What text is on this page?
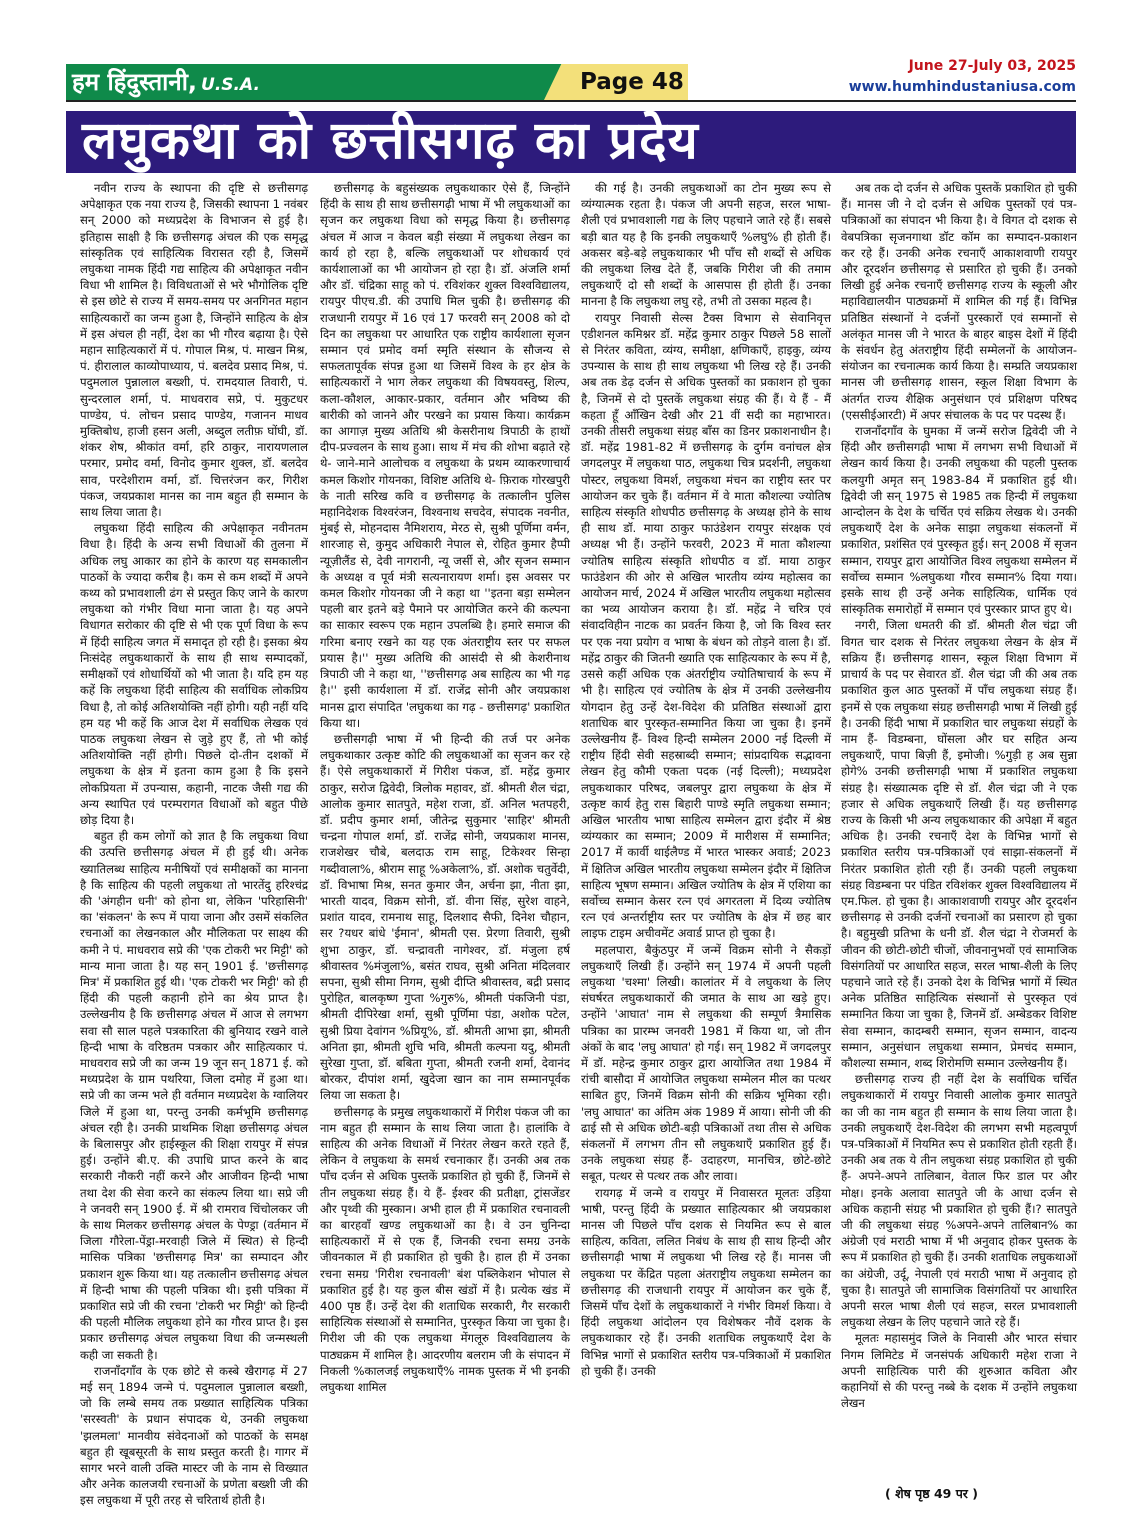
हम हिंदुस्तानी, U.S.A.	Page 48
June 27-July 03, 2025
www.humhindustaniusa.com
लघुकथा को छत्तीसगढ़ का प्रदेय

नवीन राज्य के स्थापना की दृष्टि से छत्तीसगढ़ अपेक्षाकृत एक नया राज्य है, जिसकी स्थापना 1 नवंबर सन् 2000 को मध्यप्रदेश के विभाजन से हुई है। इतिहास साक्षी है कि छत्तीसगढ़ अंचल की एक समृद्ध सांस्कृतिक एवं साहित्यिक विरासत रही है, जिसमें लघुकथा नामक हिंदी गद्य साहित्य की अपेक्षाकृत नवीन विधा भी शामिल है। विविधताओं से भरे भौगोलिक दृष्टि से इस छोटे से राज्य में समय-समय पर अनगिनत महान साहित्यकारों का जन्म हुआ है, जिन्होंने साहित्य के क्षेत्र में इस अंचल ही नहीं, देश का भी गौरव बढ़ाया है। ऐसे महान साहित्यकारों में पं. गोपाल मिश्र, पं. माखन मिश्र, पं. हीरालाल काव्योपाध्याय, पं. बलदेव प्रसाद मिश्र, पं. पदुमलाल पुन्नालाल बख्शी, पं. रामदयाल तिवारी, पं. सुन्दरलाल शर्मा, पं. माधवराव सप्रे, पं. मुकुटधर पाण्डेय, पं. लोचन प्रसाद पाण्डेय, गजानन माधव मुक्तिबोध, हाजी हसन अली, अब्दुल लतीफ़ घोंघी, डॉ. शंकर शेष, श्रीकांत वर्मा, हरि ठाकुर, नारायणलाल परमार, प्रमोद वर्मा, विनोद कुमार शुक्ल, डॉ. बलदेव साव, परदेशीराम वर्मा, डॉ. चित्तरंजन कर, गिरीश पंकज, जयप्रकाश मानस का नाम बहुत ही सम्मान के साथ लिया जाता है।

लघुकथा हिंदी साहित्य की अपेक्षाकृत नवीनतम विधा है। हिंदी के अन्य सभी विधाओं की तुलना में अधिक लघु आकार का होने के कारण यह समकालीन पाठकों के ज्यादा करीब है। कम से कम शब्दों में अपने कथ्य को प्रभावशाली ढंग से प्रस्तुत किए जाने के कारण लघुकथा को गंभीर विधा माना जाता है। यह अपने विधागत सरोकार की दृष्टि से भी एक पूर्ण विधा के रूप में हिंदी साहित्य जगत में समादृत हो रही है। इसका श्रेय निःसंदेह लघुकथाकारों के साथ ही साथ सम्पादकों, समीक्षकों एवं शोधार्थियों को भी जाता है। यदि हम यह कहें कि लघुकथा हिंदी साहित्य की सर्वाधिक लोकप्रिय विधा है, तो कोई अतिशयोक्ति नहीं होगी। यही नहीं यदि हम यह भी कहें कि आज देश में सर्वाधिक लेखक एवं पाठक लघुकथा लेखन से जुड़े हुए हैं, तो भी कोई अतिशयोक्ति नहीं होगी। पिछले दो-तीन दशकों में लघुकथा के क्षेत्र में इतना काम हुआ है कि इसने लोकप्रियता में उपन्यास, कहानी, नाटक जैसी गद्य की अन्य स्थापित एवं परम्परागत विधाओं को बहुत पीछे छोड़ दिया है।

बहुत ही कम लोगों को ज्ञात है कि लघुकथा विधा की उत्पत्ति छत्तीसगढ़ अंचल में ही हुई थी। अनेक ख्यातिलब्ध साहित्य मनीषियों एवं समीक्षकों का मानना है कि साहित्य की पहली लघुकथा तो भारतेंदु हरिश्चंद्र की 'अंगहीन धनी' को होना था, लेकिन 'परिहासिनी' का 'संकलन' के रूप में पाया जाना और उसमें संकलित रचनाओं का लेखनकाल और मौलिकता पर साक्ष्य की कमी ने पं. माधवराव सप्रे की 'एक टोकरी भर मिट्टी' को मान्य माना जाता है। यह सन् 1901 ई. 'छत्तीसगढ़ मित्र' में प्रकाशित हुई थी। 'एक टोकरी भर मिट्टी' को ही हिंदी की पहली कहानी होने का श्रेय प्राप्त है। उल्लेखनीय है कि छत्तीसगढ़ अंचल में आज से लगभग सवा सौ साल पहले पत्रकारिता की बुनियाद रखने वाले हिन्दी भाषा के वरिष्ठतम पत्रकार और साहित्यकार पं. माधवराव सप्रे जी का जन्म 19 जून सन् 1871 ई. को मध्यप्रदेश के ग्राम पथरिया, जिला दमोह में हुआ था। सप्रे जी का जन्म भले ही वर्तमान मध्यप्रदेश के ग्वालियर जिले में हुआ था, परन्तु उनकी कर्मभूमि छत्तीसगढ़ अंचल रही है। उनकी प्राथमिक शिक्षा छत्तीसगढ़ अंचल के बिलासपुर और हाईस्कूल की शिक्षा रायपुर में संपन्न हुई। उन्होंने बी.ए. की उपाधि प्राप्त करने के बाद सरकारी नौकरी नहीं करने और आजीवन हिन्दी भाषा तथा देश की सेवा करने का संकल्प लिया था। सप्रे जी ने जनवरी सन् 1900 ई. में श्री रामराव चिंचोलकर जी के साथ मिलकर छत्तीसगढ़ अंचल के पेण्ड्रा (वर्तमान में जिला गौरेला-पेंड्रा-मरवाही जिले में स्थित) से हिन्दी मासिक पत्रिका 'छत्तीसगढ़ मित्र' का सम्पादन और प्रकाशन शुरू किया था। यह तत्कालीन छत्तीसगढ़ अंचल में हिन्दी भाषा की पहली पत्रिका थी। इसी पत्रिका में प्रकाशित सप्रे जी की रचना 'टोकरी भर मिट्टी' को हिन्दी की पहली मौलिक लघुकथा होने का गौरव प्राप्त है। इस प्रकार छत्तीसगढ़ अंचल लघुकथा विधा की जन्मस्थली कही जा सकती है।

राजनाँदगाँव के एक छोटे से कस्बे खैरागढ़ में 27 मई सन् 1894 जन्मे पं. पदुमलाल पुन्नालाल बख्शी, जो कि लम्बे समय तक प्रख्यात साहित्यिक पत्रिका 'सरस्वती' के प्रधान संपादक थे, उनकी लघुकथा 'झलमला' मानवीय संवेदनाओं को पाठकों के समक्ष बहुत ही खूबसूरती के साथ प्रस्तुत करती है। गागर में सागर भरने वाली उक्ति मास्टर जी के नाम से विख्यात और अनेक कालजयी रचनाओं के प्रणेता बख्शी जी की इस लघुकथा में पूरी तरह से चरितार्थ होती है।

छत्तीसगढ़ के बहुसंख्यक लघुकथाकार ऐसे हैं, जिन्होंने हिंदी के साथ ही साथ छत्तीसगढ़ी भाषा में भी लघुकथाओं का सृजन कर लघुकथा विधा को समृद्ध किया है। छत्तीसगढ़ अंचल में आज न केवल बड़ी संख्या में लघुकथा लेखन का कार्य हो रहा है, बल्कि लघुकथाओं पर शोधकार्य एवं कार्यशालाओं का भी आयोजन हो रहा है। डॉ. अंजलि शर्मा और डॉ. चंद्रिका साहू को पं. रविशंकर शुक्ल विश्वविद्यालय, रायपुर पीएच.डी. की उपाधि मिल चुकी है। छत्तीसगढ़ की राजधानी रायपुर में 16 एवं 17 फरवरी सन् 2008 को दो दिन का लघुकथा पर आधारित एक राष्ट्रीय कार्यशाला सृजन सम्मान एवं प्रमोद वर्मा स्मृति संस्थान के सौजन्य से सफलतापूर्वक संपन्न हुआ था जिसमें विश्व के हर क्षेत्र के साहित्यकारों ने भाग लेकर लघुकथा की विषयवस्तु, शिल्प, कला-कौशल, आकार-प्रकार, वर्तमान और भविष्य की बारीकी को जानने और परखने का प्रयास किया। कार्यक्रम का आगाज़ मुख्य अतिथि श्री केसरीनाथ त्रिपाठी के हाथों दीप-प्रज्वलन के साथ हुआ। साथ में मंच की शोभा बढ़ाते रहे थे- जाने-माने आलोचक व लघुकथा के प्रथम व्याकरणाचार्य कमल किशोर गोयनका, विशिष्ट अतिथि थे- फ़िराक गोरखपुरी के नाती सरिख कवि व छत्तीसगढ़ के तत्कालीन पुलिस महानिदेशक विश्वरंजन, विश्वनाथ सचदेव, संपादक नवनीत, मुंबई से, मोहनदास नैमिशराय, मेरठ से, सुश्री पूर्णिमा वर्मन, शारजाह से, कुमुद अधिकारी नेपाल से, रोहित कुमार हैप्पी न्यूज़ीलैंड से, देवी नागरानी, न्यू जर्सी से, और सृजन सम्मान के अध्यक्ष व पूर्व मंत्री सत्यनारायण शर्मा। इस अवसर पर कमल किशोर गोयनका जी ने कहा था ''इतना बड़ा सम्मेलन पहली बार इतने बड़े पैमाने पर आयोजित करने की कल्पना का साकार स्वरूप एक महान उपलब्धि है। हमारे समाज की गरिमा बनाए रखने का यह एक अंतराष्ट्रीय स्तर पर सफल प्रयास है।'' मुख्य अतिथि की आसंदी से श्री केशरीनाथ त्रिपाठी जी ने कहा था, ''छत्तीसगढ़ अब साहित्य का भी गढ़ है।'' इसी कार्यशाला में डॉ. राजेंद्र सोनी और जयप्रकाश मानस द्वारा संपादित 'लघुकथा का गढ़ - छत्तीसगढ़' प्रकाशित किया था।

छत्तीसगढ़ी भाषा में भी हिन्दी की तर्ज पर अनेक लघुकथाकार उत्कृष्ट कोटि की लघुकथाओं का सृजन कर रहे हैं। ऐसे लघुकथाकारों में गिरीश पंकज, डॉ. महेंद्र कुमार ठाकुर, सरोज द्विवेदी, त्रिलोक महावर, डॉ. श्रीमती शैल चंद्रा, आलोक कुमार सातपुते, महेश राजा, डॉ. अनिल भतपहरी, डॉ. प्रदीप कुमार शर्मा, जीतेन्द्र सुकुमार 'साहिर' श्रीमती चन्द्रना गोपाल शर्मा, डॉ. राजेंद्र सोनी, जयप्रकाश मानस, राजशेखर चौबे, बलदाऊ राम साहू, टिकेश्वर सिन्हा गब्दीवाला%, श्रीराम साहू %अकेला%, डॉ. अशोक चतुर्वेदी, डॉ. विभाषा मिश्र, सनत कुमार जैन, अर्चना झा, नीता झा, भारती यादव, विक्रम सोनी, डॉ. वीना सिंह, सुरेश वाहने, प्रशांत यादव, रामनाथ साहू, दिलशाद सैफी, दिनेश चौहान, सर ?यधर बांधे 'ईमान', श्रीमती एस. प्रेरणा तिवारी, सुश्री शुभा ठाकुर, डॉ. चन्द्रावती नागेश्वर, डॉ. मंजुला हर्ष श्रीवास्तव %मंजुला%, बसंत राघव, सुश्री अनिता मंदिलवार सपना, सुश्री सीमा निगम, सुश्री दीप्ति श्रीवास्तव, बद्री प्रसाद पुरोहित, बालकृष्ण गुप्ता %गुरु%, श्रीमती पंकजिनी पंडा, श्रीमती दीपिरेखा शर्मा, सुश्री पूर्णिमा पंडा, अशोक पटेल, सुश्री प्रिया देवांगन %प्रियू%, डॉ. श्रीमती आभा झा, श्रीमती अनिता झा, श्रीमती शुचि भवि, श्रीमती कल्पना यदु, श्रीमती सुरेखा गुप्ता, डॉ. बबिता गुप्ता, श्रीमती रजनी शर्मा, देवानंद बोरकर, दीपांश शर्मा, खुदेजा खान का नाम सम्मानपूर्वक लिया जा सकता है।

छत्तीसगढ़ के प्रमुख लघुकथाकारों में गिरीश पंकज जी का नाम बहुत ही सम्मान के साथ लिया जाता है। हालांकि वे साहित्य की अनेक विधाओं में निरंतर लेखन करते रहते हैं, लेकिन वे लघुकथा के समर्थ रचनाकार हैं। उनकी अब तक पाँच दर्जन से अधिक पुस्तकें प्रकाशित हो चुकी हैं, जिनमें से तीन लघुकथा संग्रह हैं। ये हैं- ईश्वर की प्रतीक्षा, ट्रांसजेंडर और पृथ्वी की मुस्कान। अभी हाल ही में प्रकाशित रचनावली का बारहवाँ खण्ड लघुकथाओं का है। वे उन चुनिन्दा साहित्यकारों में से एक हैं, जिनकी रचना समग्र उनके जीवनकाल में ही प्रकाशित हो चुकी है। हाल ही में उनका रचना समग्र 'गिरीश रचनावली' बंश पब्लिकेशन भोपाल से प्रकाशित हुई है। यह कुल बीस खंडों में है। प्रत्येक खंड में 400 पृष्ठ हैं। उन्हें देश की शताधिक सरकारी, गैर सरकारी साहित्यिक संस्थाओं से सम्मानित, पुरस्कृत किया जा चुका है। गिरीश जी की एक लघुकथा मेंगलूरु विश्वविद्यालय के पाठ्यक्रम में शामिल है। आदरणीय बलराम जी के संपादन में निकली %कालजई लघुकथाएँ% नामक पुस्तक में भी इनकी लघुकथा शामिल

की गई है। उनकी लघुकथाओं का टोन मुख्य रूप से व्यंग्यात्मक रहता है। पंकज जी अपनी सहज, सरल भाषा-शैली एवं प्रभावशाली गद्य के लिए पहचाने जाते रहे हैं। सबसे बड़ी बात यह है कि इनकी लघुकथाएँ %लघु% ही होती हैं। अकसर बड़े-बड़े लघुकथाकार भी पाँच सौ शब्दों से अधिक की लघुकथा लिख देते हैं, जबकि गिरीश जी की तमाम लघुकथाएँ दो सौ शब्दों के आसपास ही होती हैं। उनका मानना है कि लघुकथा लघु रहे, तभी तो उसका महत्व है।

रायपुर निवासी सेल्स टैक्स विभाग से सेवानिवृत्त एडीशनल कमिश्नर डॉ. महेंद्र कुमार ठाकुर पिछले 58 सालों से निरंतर कविता, व्यंग्य, समीक्षा, क्षणिकाएँ, हाइकु, व्यंग्य उपन्यास के साथ ही साथ लघुकथा भी लिख रहे हैं। उनकी अब तक डेढ़ दर्जन से अधिक पुस्तकों का प्रकाशन हो चुका है, जिनमें से दो पुस्तकें लघुकथा संग्रह की हैं। ये हैं - मैं कहता हूँ आँखिन देखी और 21 वीं सदी का महाभारत। उनकी तीसरी लघुकथा संग्रह बाँस का डिनर प्रकाशनाधीन है। डॉ. महेंद्र 1981-82 में छत्तीसगढ़ के दुर्गम वनांचल क्षेत्र जगदलपुर में लघुकथा पाठ, लघुकथा चित्र प्रदर्शनी, लघुकथा पोस्टर, लघुकथा विमर्श, लघुकथा मंचन का राष्ट्रीय स्तर पर आयोजन कर चुके हैं। वर्तमान में वे माता कौशल्या ज्योतिष साहित्य संस्कृति शोधपीठ छत्तीसगढ़ के अध्यक्ष होने के साथ ही साथ डॉ. माया ठाकुर फाउंडेशन रायपुर संरक्षक एवं अध्यक्ष भी हैं। उन्होंने फरवरी, 2023 में माता कौशल्या ज्योतिष साहित्य संस्कृति शोधपीठ व डॉ. माया ठाकुर फाउंडेशन की ओर से अखिल भारतीय व्यंग्य महोत्सव का आयोजन मार्च, 2024 में अखिल भारतीय लघुकथा महोत्सव का भव्य आयोजन कराया है। डॉ. महेंद्र ने चरित्र एवं संवादविहीन नाटक का प्रवर्तन किया है, जो कि विश्व स्तर पर एक नया प्रयोग व भाषा के बंधन को तोड़ने वाला है। डॉ. महेंद्र ठाकुर की जितनी ख्याति एक साहित्यकार के रूप में है, उससे कहीं अधिक एक अंतर्राष्ट्रीय ज्योतिषाचार्य के रूप में भी है। साहित्य एवं ज्योतिष के क्षेत्र में उनकी उल्लेखनीय योगदान हेतु उन्हें देश-विदेश की प्रतिष्ठित संस्थाओं द्वारा शताधिक बार पुरस्कृत-सम्मानित किया जा चुका है। इनमें उल्लेखनीय हैं- विश्व हिन्दी सम्मेलन 2000 नई दिल्ली में राष्ट्रीय हिंदी सेवी सहस्राब्दी सम्मान; सांप्रदायिक सद्भावना लेखन हेतु कौमी एकता पदक (नई दिल्ली); मध्यप्रदेश लघुकथाकार परिषद, जबलपुर द्वारा लघुकथा के क्षेत्र में उत्कृष्ट कार्य हेतु रास बिहारी पाण्डे स्मृति लघुकथा सम्मान; अखिल भारतीय भाषा साहित्य सम्मेलन द्वारा इंदौर में श्रेष्ठ व्यंग्यकार का सम्मान; 2009 में मारीशस में सम्मानित; 2017 में कार्वी थाईलैण्ड में भारत भास्कर अवार्ड; 2023 में क्षितिज अखिल भारतीय लघुकथा सम्मेलन इंदौर में क्षितिज साहित्य भूषण सम्मान। अखिल ज्योतिष के क्षेत्र में एशिया का सर्वोच्च सम्मान केसर रत्न एवं अगरतला में दिव्य ज्योतिष रत्न एवं अन्तर्राष्ट्रीय स्तर पर ज्योतिष के क्षेत्र में छह बार लाइफ टाइम अचीवमेंट अवार्ड प्राप्त हो चुका है।

महलपारा, बैकुंठपुर में जन्में विक्रम सोनी ने सैकड़ों लघुकथाएँ लिखी हैं। उन्होंने सन् 1974 में अपनी पहली लघुकथा 'चश्मा' लिखी। कालांतर में वे लघुकथा के लिए संघर्षरत लघुकथाकारों की जमात के साथ आ खड़े हुए। उन्होंने 'आघात' नाम से लघुकथा की सम्पूर्ण त्रैमासिक पत्रिका का प्रारम्भ जनवरी 1981 में किया था, जो तीन अंकों के बाद 'लघु आघात' हो गई। सन् 1982 में जगदलपुर में डॉ. महेन्द्र कुमार ठाकुर द्वारा आयोजित तथा 1984 में रांची बासौदा में आयोजित लघुकथा सम्मेलन मील का पत्थर साबित हुए, जिनमें विक्रम सोनी की सक्रिय भूमिका रही। 'लघु आघात' का अंतिम अंक 1989 में आया। सोनी जी की ढाई सौ से अधिक छोटी-बड़ी पत्रिकाओं तथा तीस से अधिक संकलनों में लगभग तीन सौ लघुकथाएँ प्रकाशित हुई हैं। उनके लघुकथा संग्रह हैं- उदाहरण, मानचित्र, छोटे-छोटे सबूत, पत्थर से पत्थर तक और लावा।

रायगढ़ में जन्मे व रायपुर में निवासरत मूलतः उड़िया भाषी, परन्तु हिंदी के प्रख्यात साहित्यकार श्री जयप्रकाश मानस जी पिछले पाँच दशक से नियमित रूप से बाल साहित्य, कविता, ललित निबंध के साथ ही साथ हिन्दी और छत्तीसगढ़ी भाषा में लघुकथा भी लिख रहे हैं। मानस जी लघुकथा पर केंद्रित पहला अंतराष्ट्रीय लघुकथा सम्मेलन का छत्तीसगढ़ की राजधानी रायपुर में आयोजन कर चुके हैं, जिसमें पाँच देशों के लघुकथाकारों ने गंभीर विमर्श किया। वे हिंदी लघुकथा आंदोलन एव विशेषकर नौवें दशक के लघुकथाकार रहे हैं। उनकी शताधिक लघुकथाएँ देश के विभिन्न भागों से प्रकाशित स्तरीय पत्र-पत्रिकाओं में प्रकाशित हो चुकी हैं। उनकी

अब तक दो दर्जन से अधिक पुस्तकें प्रकाशित हो चुकी हैं। मानस जी ने दो दर्जन से अधिक पुस्तकों एवं पत्र-पत्रिकाओं का संपादन भी किया है। वे विगत दो दशक से वेबपत्रिका सृजनगाथा डॉट कॉम का सम्पादन-प्रकाशन कर रहे हैं। उनकी अनेक रचनाएँ आकाशवाणी रायपुर और दूरदर्शन छत्तीसगढ़ से प्रसारित हो चुकी हैं। उनको लिखी हुई अनेक रचनाएँ छत्तीसगढ़ राज्य के स्कूली और महाविद्यालयीन पाठ्यक्रमों में शामिल की गई हैं। विभिन्न प्रतिष्ठित संस्थानों ने दर्जनों पुरस्कारों एवं सम्मानों से अलंकृत मानस जी ने भारत के बाहर बाइस देशों में हिंदी के संवर्धन हेतु अंतराष्ट्रीय हिंदी सम्मेलनों के आयोजन-संयोजन का रचनात्मक कार्य किया है। सम्प्रति जयप्रकाश मानस जी छत्तीसगढ़ शासन, स्कूल शिक्षा विभाग के अंतर्गत राज्य शैक्षिक अनुसंधान एवं प्रशिक्षण परिषद (एससीईआरटी) में अपर संचालक के पद पर पदस्थ हैं।

राजनाँदगाँव के घुमका में जन्में सरोज द्विवेदी जी ने हिंदी और छत्तीसगढ़ी भाषा में लगभग सभी विधाओं में लेखन कार्य किया है। उनकी लघुकथा की पहली पुस्तक कलयुगी अमृत सन् 1983-84 में प्रकाशित हुई थी। द्विवेदी जी सन् 1975 से 1985 तक हिन्दी में लघुकथा आन्दोलन के देश के चर्चित एवं सक्रिय लेखक थे। उनकी लघुकथाएँ देश के अनेक साझा लघुकथा संकलनों में प्रकाशित, प्रशंसित एवं पुरस्कृत हुई। सन् 2008 में सृजन सम्मान, रायपुर द्वारा आयोजित विश्व लघुकथा सम्मेलन में सर्वोच्च सम्मान %लघुकथा गौरव सम्मान% दिया गया। इसके साथ ही उन्हें अनेक साहित्यिक, धार्मिक एवं सांस्कृतिक समारोहों में सम्मान एवं पुरस्कार प्राप्त हुए थे।

नगरी, जिला धमतरी की डॉ. श्रीमती शैल चंद्रा जी विगत चार दशक से निरंतर लघुकथा लेखन के क्षेत्र में सक्रिय हैं। छत्तीसगढ़ शासन, स्कूल शिक्षा विभाग में प्राचार्य के पद पर सेवारत डॉ. शैल चंद्रा जी की अब तक प्रकाशित कुल आठ पुस्तकों में पाँच लघुकथा संग्रह हैं। इनमें से एक लघुकथा संग्रह छत्तीसगढ़ी भाषा में लिखी हुई है। उनकी हिंदी भाषा में प्रकाशित चार लघुकथा संग्रहों के नाम हैं- विडम्बना, घोंसला और घर सहित अन्य लघुकथाएँ, पापा बिज़ी हैं, इमोजी। %गुड़ी ह अब सुन्ना होगे% उनकी छत्तीसगढ़ी भाषा में प्रकाशित लघुकथा संग्रह है। संख्यात्मक दृष्टि से डॉ. शैल चंद्रा जी ने एक हजार से अधिक लघुकथाएँ लिखी हैं। यह छत्तीसगढ़ राज्य के किसी भी अन्य लघुकथाकार की अपेक्षा में बहुत अधिक है। उनकी रचनाएँ देश के विभिन्न भागों से प्रकाशित स्तरीय पत्र-पत्रिकाओं एवं साझा-संकलनों में निरंतर प्रकाशित होती रही हैं। उनकी पहली लघुकथा संग्रह विडम्बना पर पंडित रविशंकर शुक्ल विश्वविद्यालय में एम.फिल. हो चुका है। आकाशवाणी रायपुर और दूरदर्शन छत्तीसगढ़ से उनकी दर्जनों रचनाओं का प्रसारण हो चुका है। बहुमुखी प्रतिभा के धनी डॉ. शैल चंद्रा ने रोजमर्रा के जीवन की छोटी-छोटी चीजों, जीवनानुभवों एवं सामाजिक विसंगतियों पर आधारित सहज, सरल भाषा-शैली के लिए पहचाने जाते रहे हैं। उनको देश के विभिन्न भागों में स्थित अनेक प्रतिष्ठित साहित्यिक संस्थानों से पुरस्कृत एवं सम्मानित किया जा चुका है, जिनमें डॉ. अम्बेडकर विशिष्ट सेवा सम्मान, कादम्बरी सम्मान, सृजन सम्मान, वादन्य सम्मान, अनुसंधान लघुकथा सम्मान, प्रेमचंद सम्मान, कौशल्या सम्मान, शब्द शिरोमणि सम्मान उल्लेखनीय हैं।

छत्तीसगढ़ राज्य ही नहीं देश के सर्वाधिक चर्चित लघुकथाकारों में रायपुर निवासी आलोक कुमार सातपुते का जी का नाम बहुत ही सम्मान के साथ लिया जाता है। उनकी लघुकथाएँ देश-विदेश की लगभग सभी महत्वपूर्ण पत्र-पत्रिकाओं में नियमित रूप से प्रकाशित होती रहती हैं। उनकी अब तक ये तीन लघुकथा संग्रह प्रकाशित हो चुकी हैं- अपने-अपने तालिबान, वेताल फिर डाल पर और मोक्ष। इनके अलावा सातपुते जी के आधा दर्जन से अधिक कहानी संग्रह भी प्रकाशित हो चुकी हैं।? सातपुते जी की लघुकथा संग्रह %अपने-अपने तालिबान% का अंग्रेजी एवं मराठी भाषा में भी अनुवाद होकर पुस्तक के रूप में प्रकाशित हो चुकी हैं। उनकी शताधिक लघुकथाओं का अंग्रेजी, उर्दू, नेपाली एवं मराठी भाषा में अनुवाद हो चुका है। सातपुते जी सामाजिक विसंगतियों पर आधारित अपनी सरल भाषा शैली एवं सहज, सरल प्रभावशाली लघुकथा लेखन के लिए पहचाने जाते रहे हैं।

मूलतः महासमुंद जिले के निवासी और भारत संचार निगम लिमिटेड में जनसंपर्क अधिकारी महेश राजा ने अपनी साहित्यिक पारी की शुरुआत कविता और कहानियों से की परन्तु नब्बे के दशक में उन्होंने लघुकथा लेखन

( शेष पृष्ठ 49 पर )
